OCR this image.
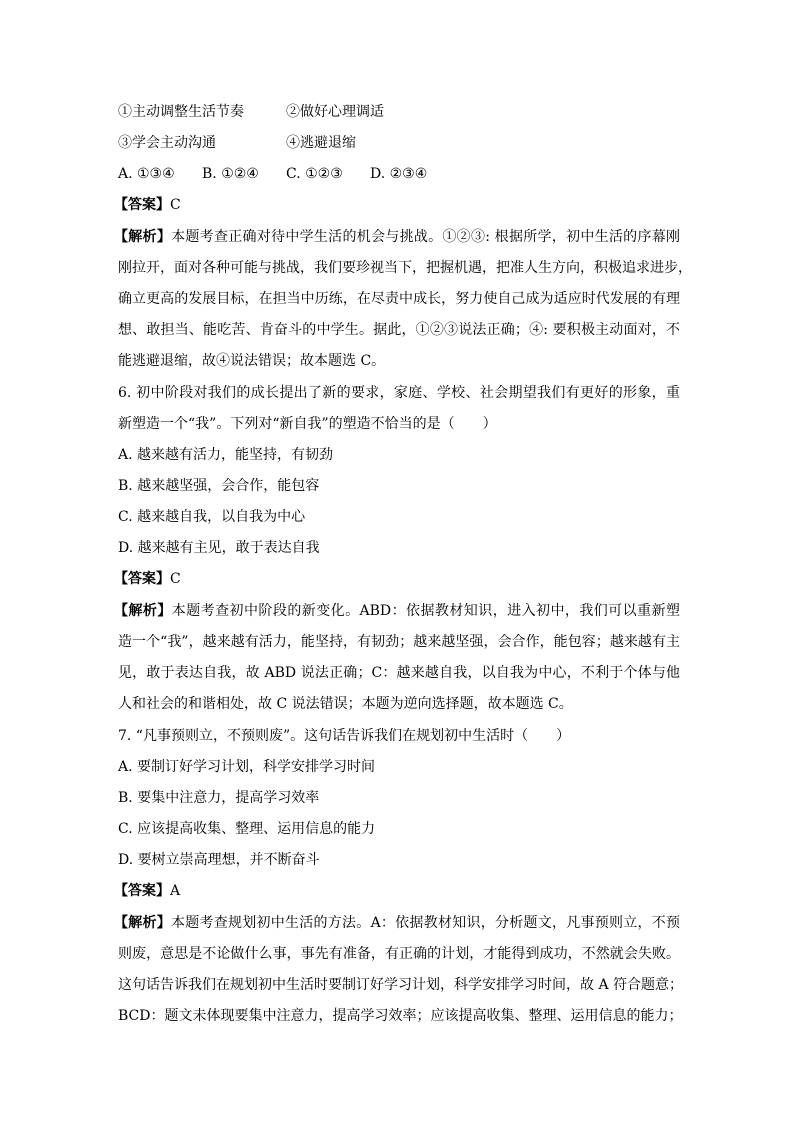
①主动调整生活节奏	②做好心理调适
③学会主动沟通	④逃避退缩
A. ①③④ B. ①②④ C. ①②③ D. ②③④
【答案】C
【解析】本题考查正确对待中学生活的机会与挑战。①②③: 根据所学，初中生活的序幕刚
刚拉开，面对各种可能与挑战，我们要珍视当下，把握机遇，把准人生方向，积极追求进步，
确立更高的发展目标，在担当中历练，在尽责中成长，努力使自己成为适应时代发展的有理
想、敢担当、能吃苦、肯奋斗的中学生。据此，①②③说法正确；④: 要积极主动面对，不
能逃避退缩，故④说法错误；故本题选 C。
6. 初中阶段对我们的成长提出了新的要求，家庭、学校、社会期望我们有更好的形象，重
新塑造一个“我”。下列对“新自我”的塑造不恰当的是（　　）
A. 越来越有活力，能坚持，有韧劲
B. 越来越坚强，会合作，能包容
C. 越来越自我，以自我为中心
D. 越来越有主见，敢于表达自我
【答案】C
【解析】本题考查初中阶段的新变化。ABD：依据教材知识，进入初中，我们可以重新塑
造一个“我”，越来越有活力，能坚持，有韧劲；越来越坚强，会合作，能包容；越来越有主
见，敢于表达自我，故 ABD 说法正确；C：越来越自我，以自我为中心，不利于个体与他
人和社会的和谐相处，故 C 说法错误；本题为逆向选择题，故本题选 C。
7. “凡事预则立，不预则废”。这句话告诉我们在规划初中生活时（　　）
A. 要制订好学习计划，科学安排学习时间
B. 要集中注意力，提高学习效率
C. 应该提高收集、整理、运用信息的能力
D. 要树立崇高理想，并不断奋斗
【答案】A
【解析】本题考查规划初中生活的方法。A：依据教材知识，分析题文，凡事预则立，不预
则废，意思是不论做什么事，事先有准备，有正确的计划，才能得到成功，不然就会失败。
这句话告诉我们在规划初中生活时要制订好学习计划，科学安排学习时间，故 A 符合题意；
BCD：题文未体现要集中注意力，提高学习效率；应该提高收集、整理、运用信息的能力；
